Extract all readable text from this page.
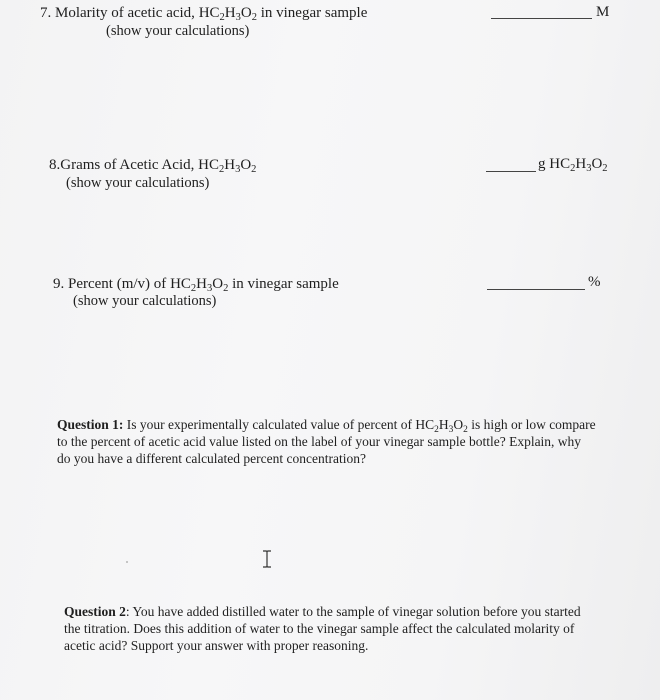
7. Molarity of acetic acid, $HC_2H_3O_2$ in vinegar sample
(show your calculations)
M
8.Grams of Acetic Acid, $HC_2H_3O_2$
(show your calculations)
g $HC_2H_3O_2$
9. Percent (m/v) of $HC_2H_3O_2$ in vinegar sample
(show your calculations)
%
Question 1: Is your experimentally calculated value of percent of $HC_2H_3O_2$ is high or low compare
to the percent of acetic acid value listed on the label of your vinegar sample bottle? Explain, why
do you have a different calculated percent concentration?
Question 2: You have added distilled water to the sample of vinegar solution before you started
the titration. Does this addition of water to the vinegar sample affect the calculated molarity of
acetic acid? Support your answer with proper reasoning.
